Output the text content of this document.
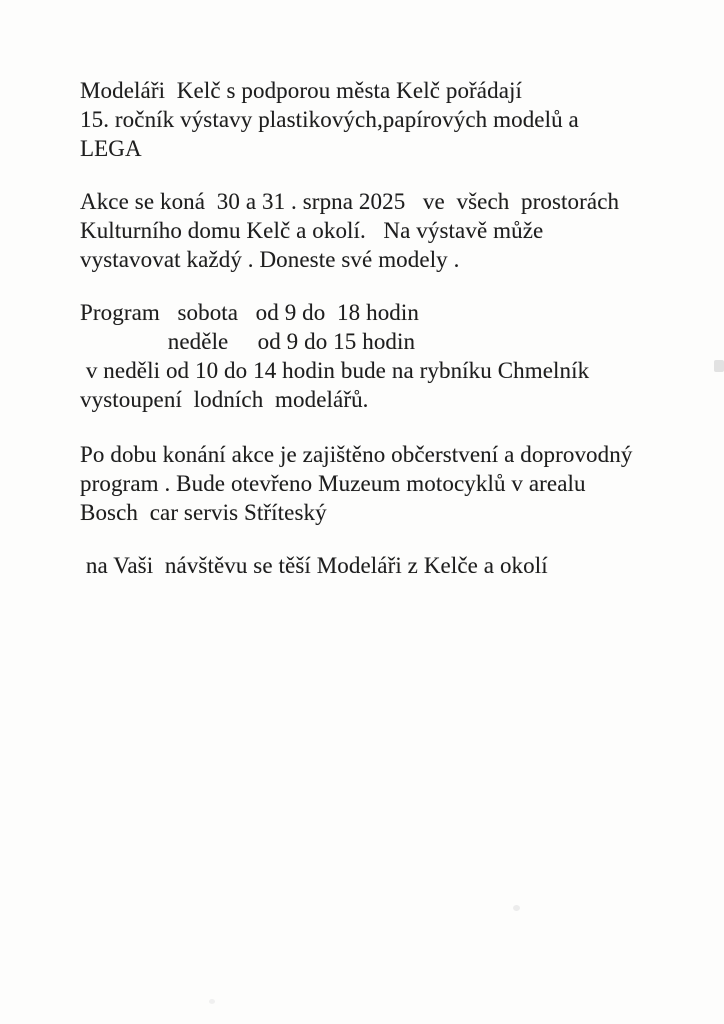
Modeláři  Kelč s podporou města Kelč pořádají
15. ročník výstavy plastikových,papírových modelů a
LEGA
Akce se koná  30 a 31 . srpna 2025   ve  všech  prostorách
Kulturního domu Kelč a okolí.   Na výstavě může
vystavovat každý . Doneste své modely .
Program   sobota   od 9 do  18 hodin
neděle     od 9 do 15 hodin
v neděli od 10 do 14 hodin bude na rybníku Chmelník
vystoupení  lodních  modelářů.
Po dobu konání akce je zajištěno občerstvení a doprovodný
program . Bude otevřeno Muzeum motocyklů v arealu
Bosch  car servis Stříteský
na Vaši  návštěvu se těší Modeláři z Kelče a okolí
